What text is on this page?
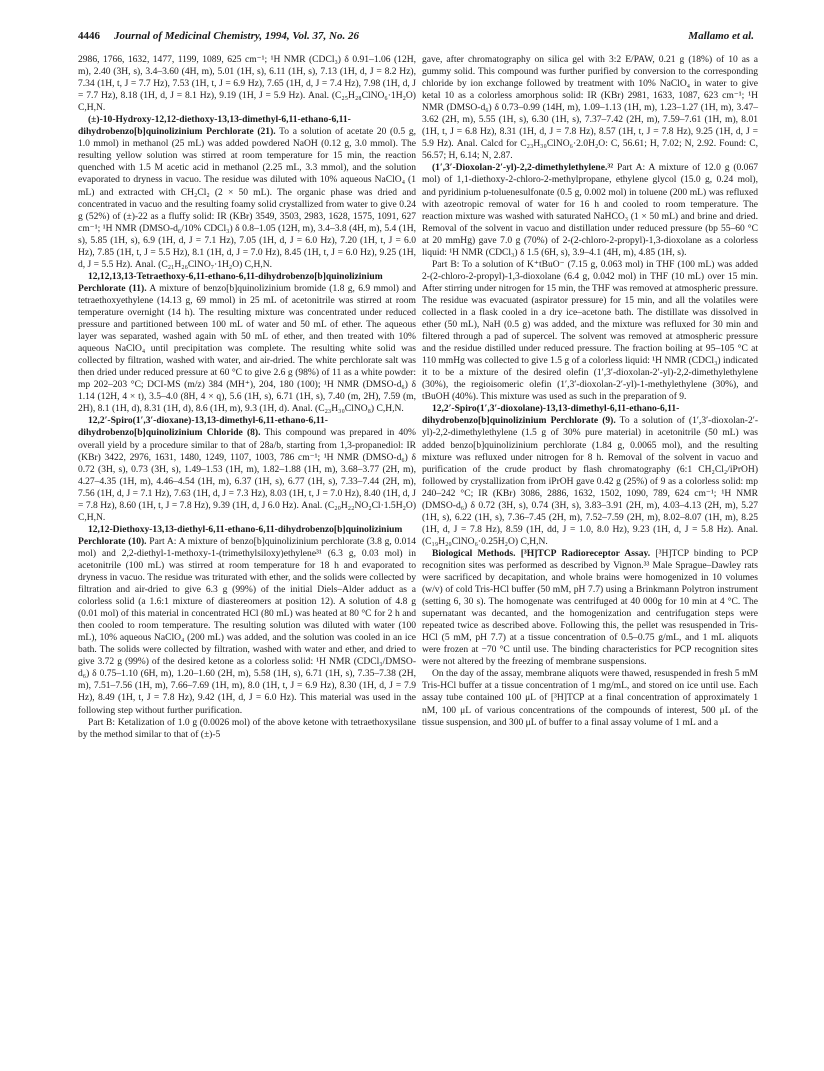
4446 Journal of Medicinal Chemistry, 1994, Vol. 37, No. 26	Mallamo et al.

2986, 1766, 1632, 1477, 1199, 1089, 625 cm⁻¹; ¹H NMR (CDCl₃) δ 0.91–1.06 (12H, m), 2.40 (3H, s), 3.4–3.60 (4H, m), 5.01 (1H, s), 6.11 (1H, s), 7.13 (1H, d, J = 8.2 Hz), 7.34 (1H, t, J = 7.7 Hz), 7.53 (1H, t, J = 6.9 Hz), 7.65 (1H, d, J = 7.4 Hz), 7.98 (1H, d, J = 7.7 Hz), 8.18 (1H, d, J = 8.1 Hz), 9.19 (1H, J = 5.9 Hz). Anal. (C₂₅H₂₈ClNO₆·1H₂O) C,H,N.

(±)-10-Hydroxy-12,12-diethoxy-13,13-dimethyl-6,11-ethano-6,11-dihydrobenzo[b]quinolizinium Perchlorate (21). To a solution of acetate 20 (0.5 g, 1.0 mmol) in methanol (25 mL) was added powdered NaOH (0.12 g, 3.0 mmol). The resulting yellow solution was stirred at room temperature for 15 min, the reaction quenched with 1.5 M acetic acid in methanol (2.25 mL, 3.3 mmol), and the solution evaporated to dryness in vacuo. The residue was diluted with 10% aqueous NaClO₄ (1 mL) and extracted with CH₂Cl₂ (2 × 50 mL). The organic phase was dried and concentrated in vacuo and the resulting foamy solid crystallized from water to give 0.24 g (52%) of (±)-22 as a fluffy solid: IR (KBr) 3549, 3503, 2983, 1628, 1575, 1091, 627 cm⁻¹; ¹H NMR (DMSO-d₆/10% CDCl₃) δ 0.8–1.05 (12H, m), 3.4–3.8 (4H, m), 5.4 (1H, s), 5.85 (1H, s), 6.9 (1H, d, J = 7.1 Hz), 7.05 (1H, d, J = 6.0 Hz), 7.20 (1H, t, J = 6.0 Hz), 7.85 (1H, t, J = 5.5 Hz), 8.1 (1H, d, J = 7.0 Hz), 8.45 (1H, t, J = 6.0 Hz), 9.25 (1H, d, J = 5.5 Hz). Anal. (C₂₁H₂₆ClNO₇·1H₂O) C,H,N.

12,12,13,13-Tetraethoxy-6,11-ethano-6,11-dihydrobenzo[b]quinolizinium Perchlorate (11). A mixture of benzo[b]quinolizinium bromide (1.8 g, 6.9 mmol) and tetraethoxyethylene (14.13 g, 69 mmol) in 25 mL of acetonitrile was stirred at room temperature overnight (14 h). The resulting mixture was concentrated under reduced pressure and partitioned between 100 mL of water and 50 mL of ether. The aqueous layer was separated, washed again with 50 mL of ether, and then treated with 10% aqueous NaClO₄ until precipitation was complete. The resulting white solid was collected by filtration, washed with water, and air-dried. The white perchlorate salt was then dried under reduced pressure at 60 °C to give 2.6 g (98%) of 11 as a white powder: mp 202–203 °C; DCI-MS (m/z) 384 (MH⁺), 204, 180 (100); ¹H NMR (DMSO-d₆) δ 1.14 (12H, 4 × t), 3.5–4.0 (8H, 4 × q), 5.6 (1H, s), 6.71 (1H, s), 7.40 (m, 2H), 7.59 (m, 2H), 8.1 (1H, d), 8.31 (1H, d), 8.6 (1H, m), 9.3 (1H, d). Anal. (C₂₃H₃₀ClNO₈) C,H,N.

12,2′-Spiro(1′,3′-dioxane)-13,13-dimethyl-6,11-ethano-6,11-dihydrobenzo[b]quinolizinium Chloride (8). This compound was prepared in 40% overall yield by a procedure similar to that of 28a/b, starting from 1,3-propanediol: IR (KBr) 3422, 2976, 1631, 1480, 1249, 1107, 1003, 786 cm⁻¹; ¹H NMR (DMSO-d₆) δ 0.72 (3H, s), 0.73 (3H, s), 1.49–1.53 (1H, m), 1.82–1.88 (1H, m), 3.68–3.77 (2H, m), 4.27–4.35 (1H, m), 4.46–4.54 (1H, m), 6.37 (1H, s), 6.77 (1H, s), 7.33–7.44 (2H, m), 7.56 (1H, d, J = 7.1 Hz), 7.63 (1H, d, J = 7.3 Hz), 8.03 (1H, t, J = 7.0 Hz), 8.40 (1H, d, J = 7.8 Hz), 8.60 (1H, t, J = 7.8 Hz), 9.39 (1H, d, J 6.0 Hz). Anal. (C₂₀H₂₂NO₂Cl·1.5H₂O) C,H,N.

12,12-Diethoxy-13,13-diethyl-6,11-ethano-6,11-dihydrobenzo[b]quinolizinium Perchlorate (10). Part A: A mixture of benzo[b]quinolizinium perchlorate (3.8 g, 0.014 mol) and 2,2-diethyl-1-methoxy-1-(trimethylsiloxy)ethylene³¹ (6.3 g, 0.03 mol) in acetonitrile (100 mL) was stirred at room temperature for 18 h and evaporated to dryness in vacuo. The residue was triturated with ether, and the solids were collected by filtration and air-dried to give 6.3 g (99%) of the initial Diels–Alder adduct as a colorless solid (a 1.6:1 mixture of diastereomers at position 12). A solution of 4.8 g (0.01 mol) of this material in concentrated HCl (80 mL) was heated at 80 °C for 2 h and then cooled to room temperature. The resulting solution was diluted with water (100 mL), 10% aqueous NaClO₄ (200 mL) was added, and the solution was cooled in an ice bath. The solids were collected by filtration, washed with water and ether, and dried to give 3.72 g (99%) of the desired ketone as a colorless solid: ¹H NMR (CDCl₃/DMSO-d₆) δ 0.75–1.10 (6H, m), 1.20–1.60 (2H, m), 5.58 (1H, s), 6.71 (1H, s), 7.35–7.38 (2H, m), 7.51–7.56 (1H, m), 7.66–7.69 (1H, m), 8.0 (1H, t, J = 6.9 Hz), 8.30 (1H, d, J = 7.9 Hz), 8.49 (1H, t, J = 7.8 Hz), 9.42 (1H, d, J = 6.0 Hz). This material was used in the following step without further purification.

Part B: Ketalization of 1.0 g (0.0026 mol) of the above ketone with tetraethoxysilane by the method similar to that of (±)-5

gave, after chromatography on silica gel with 3:2 E/PAW, 0.21 g (18%) of 10 as a gummy solid. This compound was further purified by conversion to the corresponding chloride by ion exchange followed by treatment with 10% NaClO₄ in water to give ketal 10 as a colorless amorphous solid: IR (KBr) 2981, 1633, 1087, 623 cm⁻¹; ¹H NMR (DMSO-d₆) δ 0.73–0.99 (14H, m), 1.09–1.13 (1H, m), 1.23–1.27 (1H, m), 3.47–3.62 (2H, m), 5.55 (1H, s), 6.30 (1H, s), 7.37–7.42 (2H, m), 7.59–7.61 (1H, m), 8.01 (1H, t, J = 6.8 Hz), 8.31 (1H, d, J = 7.8 Hz), 8.57 (1H, t, J = 7.8 Hz), 9.25 (1H, d, J = 5.9 Hz). Anal. Calcd for C₂₃H₃₀ClNO₆·2.0H₂O: C, 56.61; H, 7.02; N, 2.92. Found: C, 56.57; H, 6.14; N, 2.87.

(1′,3′-Dioxolan-2′-yl)-2,2-dimethylethylene.³² Part A: A mixture of 12.0 g (0.067 mol) of 1,1-diethoxy-2-chloro-2-methylpropane, ethylene glycol (15.0 g, 0.24 mol), and pyridinium p-toluenesulfonate (0.5 g, 0.002 mol) in toluene (200 mL) was refluxed with azeotropic removal of water for 16 h and cooled to room temperature. The reaction mixture was washed with saturated NaHCO₃ (1 × 50 mL) and brine and dried. Removal of the solvent in vacuo and distillation under reduced pressure (bp 55–60 °C at 20 mmHg) gave 7.0 g (70%) of 2-(2-chloro-2-propyl)-1,3-dioxolane as a colorless liquid: ¹H NMR (CDCl₃) δ 1.5 (6H, s), 3.9–4.1 (4H, m), 4.85 (1H, s).

Part B: To a solution of K⁺tBuO⁻ (7.15 g, 0.063 mol) in THF (100 mL) was added 2-(2-chloro-2-propyl)-1,3-dioxolane (6.4 g, 0.042 mol) in THF (10 mL) over 15 min. After stirring under nitrogen for 15 min, the THF was removed at atmospheric pressure. The residue was evacuated (aspirator pressure) for 15 min, and all the volatiles were collected in a flask cooled in a dry ice–acetone bath. The distillate was dissolved in ether (50 mL), NaH (0.5 g) was added, and the mixture was refluxed for 30 min and filtered through a pad of supercel. The solvent was removed at atmospheric pressure and the residue distilled under reduced pressure. The fraction boiling at 95–105 °C at 110 mmHg was collected to give 1.5 g of a colorless liquid: ¹H NMR (CDCl₃) indicated it to be a mixture of the desired olefin (1′,3′-dioxolan-2′-yl)-2,2-dimethylethylene (30%), the regioisomeric olefin (1′,3′-dioxolan-2′-yl)-1-methylethylene (30%), and tBuOH (40%). This mixture was used as such in the preparation of 9.

12,2′-Spiro(1′,3′-dioxolane)-13,13-dimethyl-6,11-ethano-6,11-dihydrobenzo[b]quinolizinium Perchlorate (9). To a solution of (1′,3′-dioxolan-2′-yl)-2,2-dimethylethylene (1.5 g of 30% pure material) in acetonitrile (50 mL) was added benzo[b]quinolizinium perchlorate (1.84 g, 0.0065 mol), and the resulting mixture was refluxed under nitrogen for 8 h. Removal of the solvent in vacuo and purification of the crude product by flash chromatography (6:1 CH₂Cl₂/iPrOH) followed by crystallization from iPrOH gave 0.42 g (25%) of 9 as a colorless solid: mp 240–242 °C; IR (KBr) 3086, 2886, 1632, 1502, 1090, 789, 624 cm⁻¹; ¹H NMR (DMSO-d₆) δ 0.72 (3H, s), 0.74 (3H, s), 3.83–3.91 (2H, m), 4.03–4.13 (2H, m), 5.27 (1H, s), 6.22 (1H, s), 7.36–7.45 (2H, m), 7.52–7.59 (2H, m), 8.02–8.07 (1H, m), 8.25 (1H, d, J = 7.8 Hz), 8.59 (1H, dd, J = 1.0, 8.0 Hz), 9.23 (1H, d, J = 5.8 Hz). Anal. (C₁₉H₂₀ClNO₆·0.25H₂O) C,H,N.

Biological Methods. [³H]TCP Radioreceptor Assay. [³H]TCP binding to PCP recognition sites was performed as described by Vignon.³³ Male Sprague–Dawley rats were sacrificed by decapitation, and whole brains were homogenized in 10 volumes (w/v) of cold Tris-HCl buffer (50 mM, pH 7.7) using a Brinkmann Polytron instrument (setting 6, 30 s). The homogenate was centrifuged at 40 000g for 10 min at 4 °C. The supernatant was decanted, and the homogenization and centrifugation steps were repeated twice as described above. Following this, the pellet was resuspended in Tris-HCl (5 mM, pH 7.7) at a tissue concentration of 0.5–0.75 g/mL, and 1 mL aliquots were frozen at −70 °C until use. The binding characteristics for PCP recognition sites were not altered by the freezing of membrane suspensions.

On the day of the assay, membrane aliquots were thawed, resuspended in fresh 5 mM Tris-HCl buffer at a tissue concentration of 1 mg/mL, and stored on ice until use. Each assay tube contained 100 μL of [³H]TCP at a final concentration of approximately 1 nM, 100 μL of various concentrations of the compounds of interest, 500 μL of the tissue suspension, and 300 μL of buffer to a final assay volume of 1 mL and a
